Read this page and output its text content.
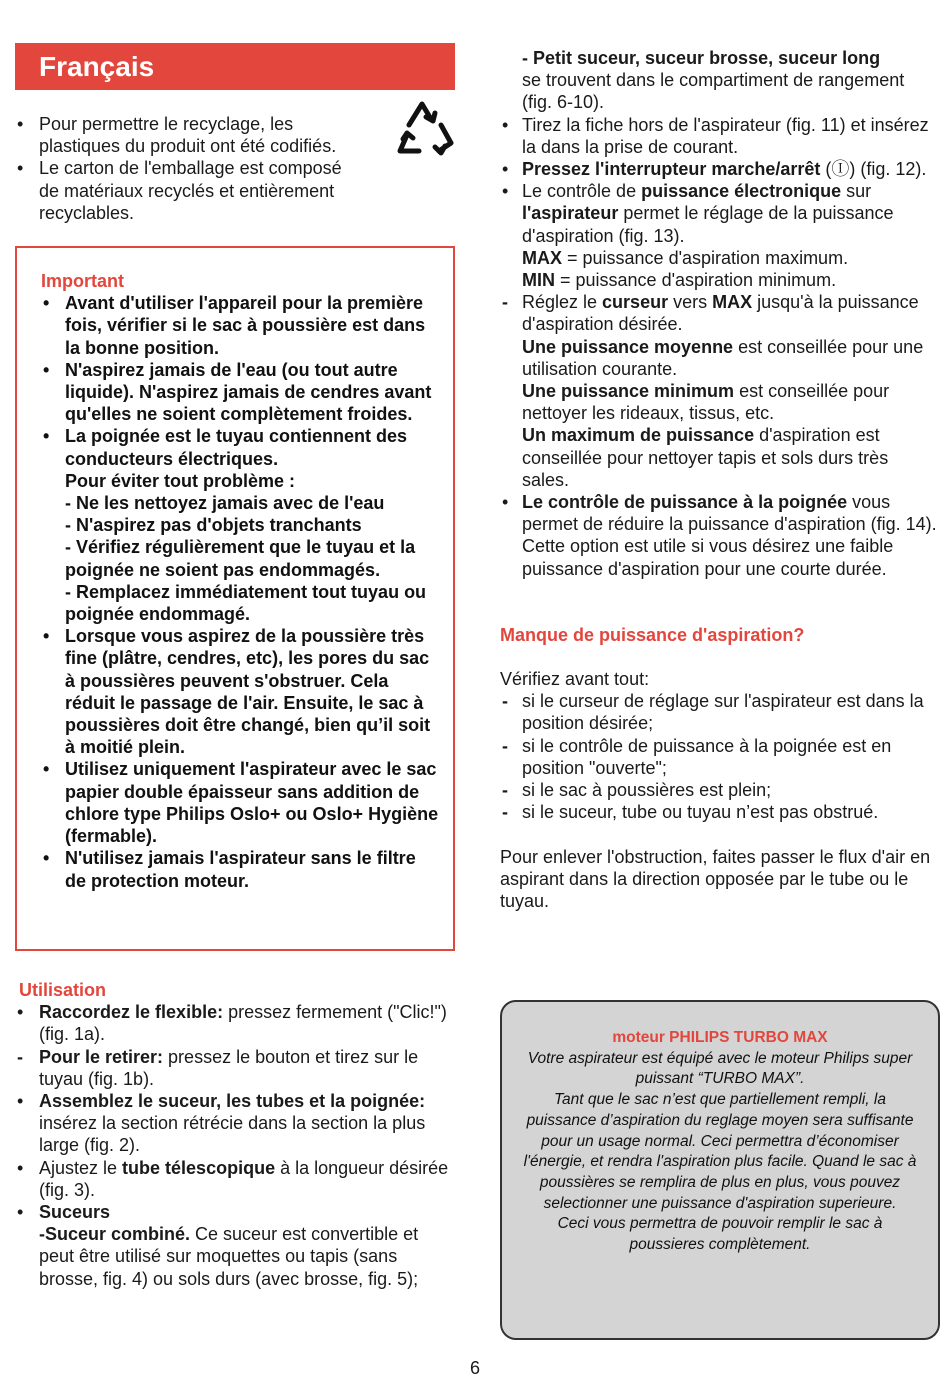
Français
• Pour permettre le recyclage, les plastiques du produit ont été codifiés.
• Le carton de l'emballage est composé de matériaux recyclés et entièrement recyclables.
Important
• Avant d'utiliser l'appareil pour la première fois, vérifier si le sac à poussière est dans la bonne position.
• N'aspirez jamais de l'eau (ou tout autre liquide). N'aspirez jamais de cendres avant qu'elles ne soient complètement froides.
• La poignée est le tuyau contiennent des conducteurs électriques.
Pour éviter tout problème :
- Ne les nettoyez jamais avec de l'eau
- N'aspirez pas d'objets tranchants
- Vérifiez régulièrement que le tuyau et la poignée ne soient pas endommagés.
- Remplacez immédiatement tout tuyau ou poignée endommagé.
• Lorsque vous aspirez de la poussière très fine (plâtre, cendres, etc), les pores du sac à poussières peuvent s'obstruer. Cela réduit le passage de l'air. Ensuite, le sac à poussières doit être changé, bien qu’il soit à moitié plein.
• Utilisez uniquement l'aspirateur avec le sac papier double épaisseur sans addition de chlore type Philips Oslo+ ou Oslo+ Hygiène (fermable).
• N'utilisez jamais l'aspirateur sans le filtre de protection moteur.
Utilisation
• Raccordez le flexible: pressez fermement ("Clic!") (fig. 1a).
- Pour le retirer: pressez le bouton et tirez sur le tuyau (fig. 1b).
• Assemblez le suceur, les tubes et la poignée: insérez la section rétrécie dans la section la plus large (fig. 2).
• Ajustez le tube télescopique à la longueur désirée (fig. 3).
• Suceurs
-Suceur combiné. Ce suceur est convertible et peut être utilisé sur moquettes ou tapis (sans brosse, fig. 4) ou sols durs (avec brosse, fig. 5);
- Petit suceur, suceur brosse, suceur long
se trouvent dans le compartiment de rangement (fig. 6-10).
• Tirez la fiche hors de l'aspirateur (fig. 11) et insérez la dans la prise de courant.
• Pressez l'interrupteur marche/arrêt (Ⓘ) (fig. 12).
• Le contrôle de puissance électronique sur l'aspirateur permet le réglage de la puissance d'aspiration (fig. 13).
MAX = puissance d'aspiration maximum.
MIN = puissance d'aspiration minimum.
- Réglez le curseur vers MAX jusqu'à la puissance d'aspiration désirée.
Une puissance moyenne est conseillée pour une utilisation courante.
Une puissance minimum est conseillée pour nettoyer les rideaux, tissus, etc.
Un maximum de puissance d'aspiration est conseillée pour nettoyer tapis et sols durs très sales.
• Le contrôle de puissance à la poignée vous permet de réduire la puissance d'aspiration (fig. 14). Cette option est utile si vous désirez une faible puissance d'aspiration pour une courte durée.
Manque de puissance d'aspiration?
Vérifiez avant tout:
- si le curseur de réglage sur l'aspirateur est dans la position désirée;
- si le contrôle de puissance à la poignée est en position "ouverte";
- si le sac à poussières est plein;
- si le suceur, tube ou tuyau n’est pas obstrué.
Pour enlever l'obstruction, faites passer le flux d'air en aspirant dans la direction opposée par le tube ou le tuyau.
moteur PHILIPS TURBO MAX
Votre aspirateur est équipé avec le moteur Philips super puissant “TURBO MAX”.
Tant que le sac n’est que partiellement rempli, la puissance d’aspiration du reglage moyen sera suffisante pour un usage normal. Ceci permettra d’économiser l'énergie, et rendra l'aspiration plus facile. Quand le sac à poussières se remplira de plus en plus, vous pouvez selectionner une puissance d'aspiration superieure.
Ceci vous permettra de pouvoir remplir le sac à poussieres complètement.
6
